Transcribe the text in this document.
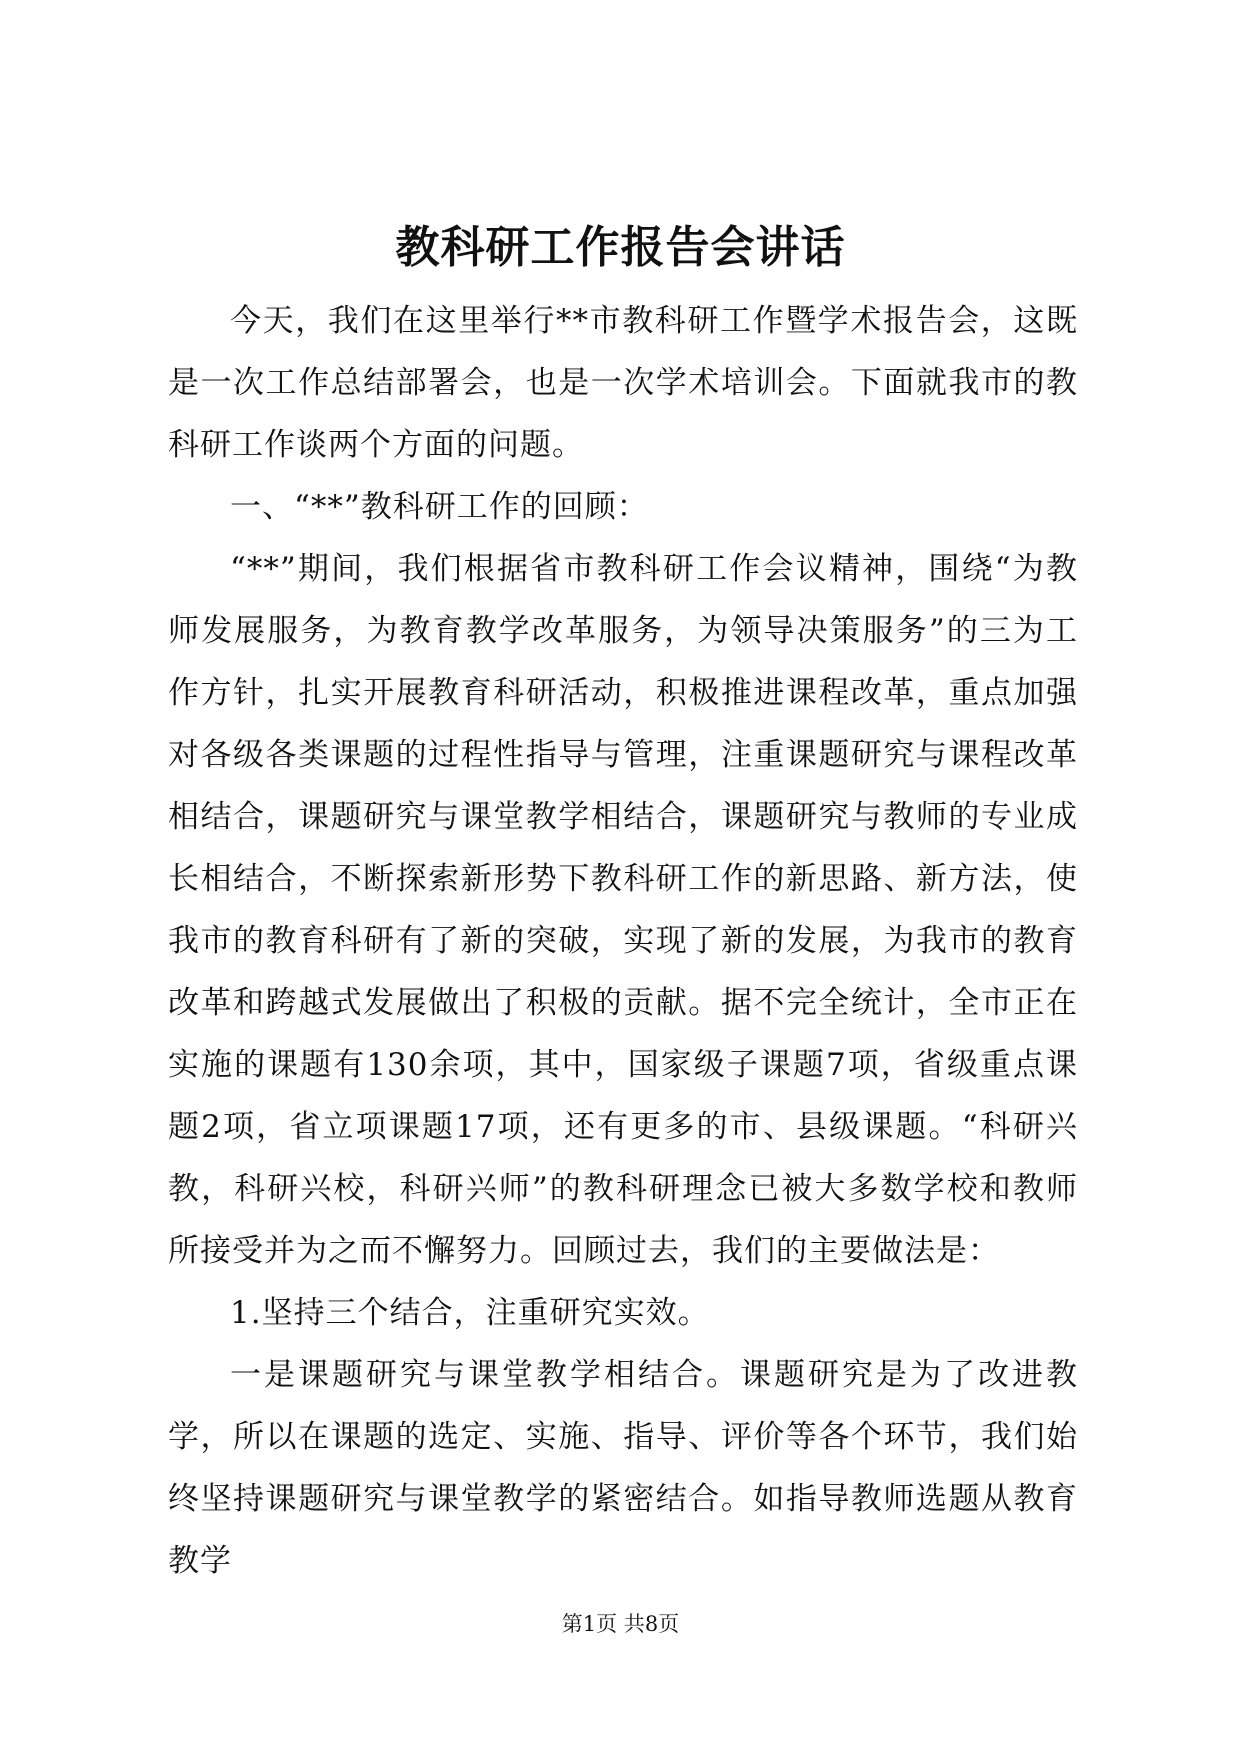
教科研工作报告会讲话

今天，我们在这里举行**市教科研工作暨学术报告会，这既是一次工作总结部署会，也是一次学术培训会。下面就我市的教科研工作谈两个方面的问题。

一、“**”教科研工作的回顾：

“**”期间，我们根据省市教科研工作会议精神，围绕“为教师发展服务，为教育教学改革服务，为领导决策服务”的三为工作方针，扎实开展教育科研活动，积极推进课程改革，重点加强对各级各类课题的过程性指导与管理，注重课题研究与课程改革相结合，课题研究与课堂教学相结合，课题研究与教师的专业成长相结合，不断探索新形势下教科研工作的新思路、新方法，使我市的教育科研有了新的突破，实现了新的发展，为我市的教育改革和跨越式发展做出了积极的贡献。据不完全统计，全市正在实施的课题有130余项，其中，国家级子课题7项，省级重点课题2项，省立项课题17项，还有更多的市、县级课题。“科研兴教，科研兴校，科研兴师”的教科研理念已被大多数学校和教师所接受并为之而不懈努力。回顾过去，我们的主要做法是：

1.坚持三个结合，注重研究实效。

一是课题研究与课堂教学相结合。课题研究是为了改进教学，所以在课题的选定、实施、指导、评价等各个环节，我们始终坚持课题研究与课堂教学的紧密结合。如指导教师选题从教育教学

第1页 共8页
